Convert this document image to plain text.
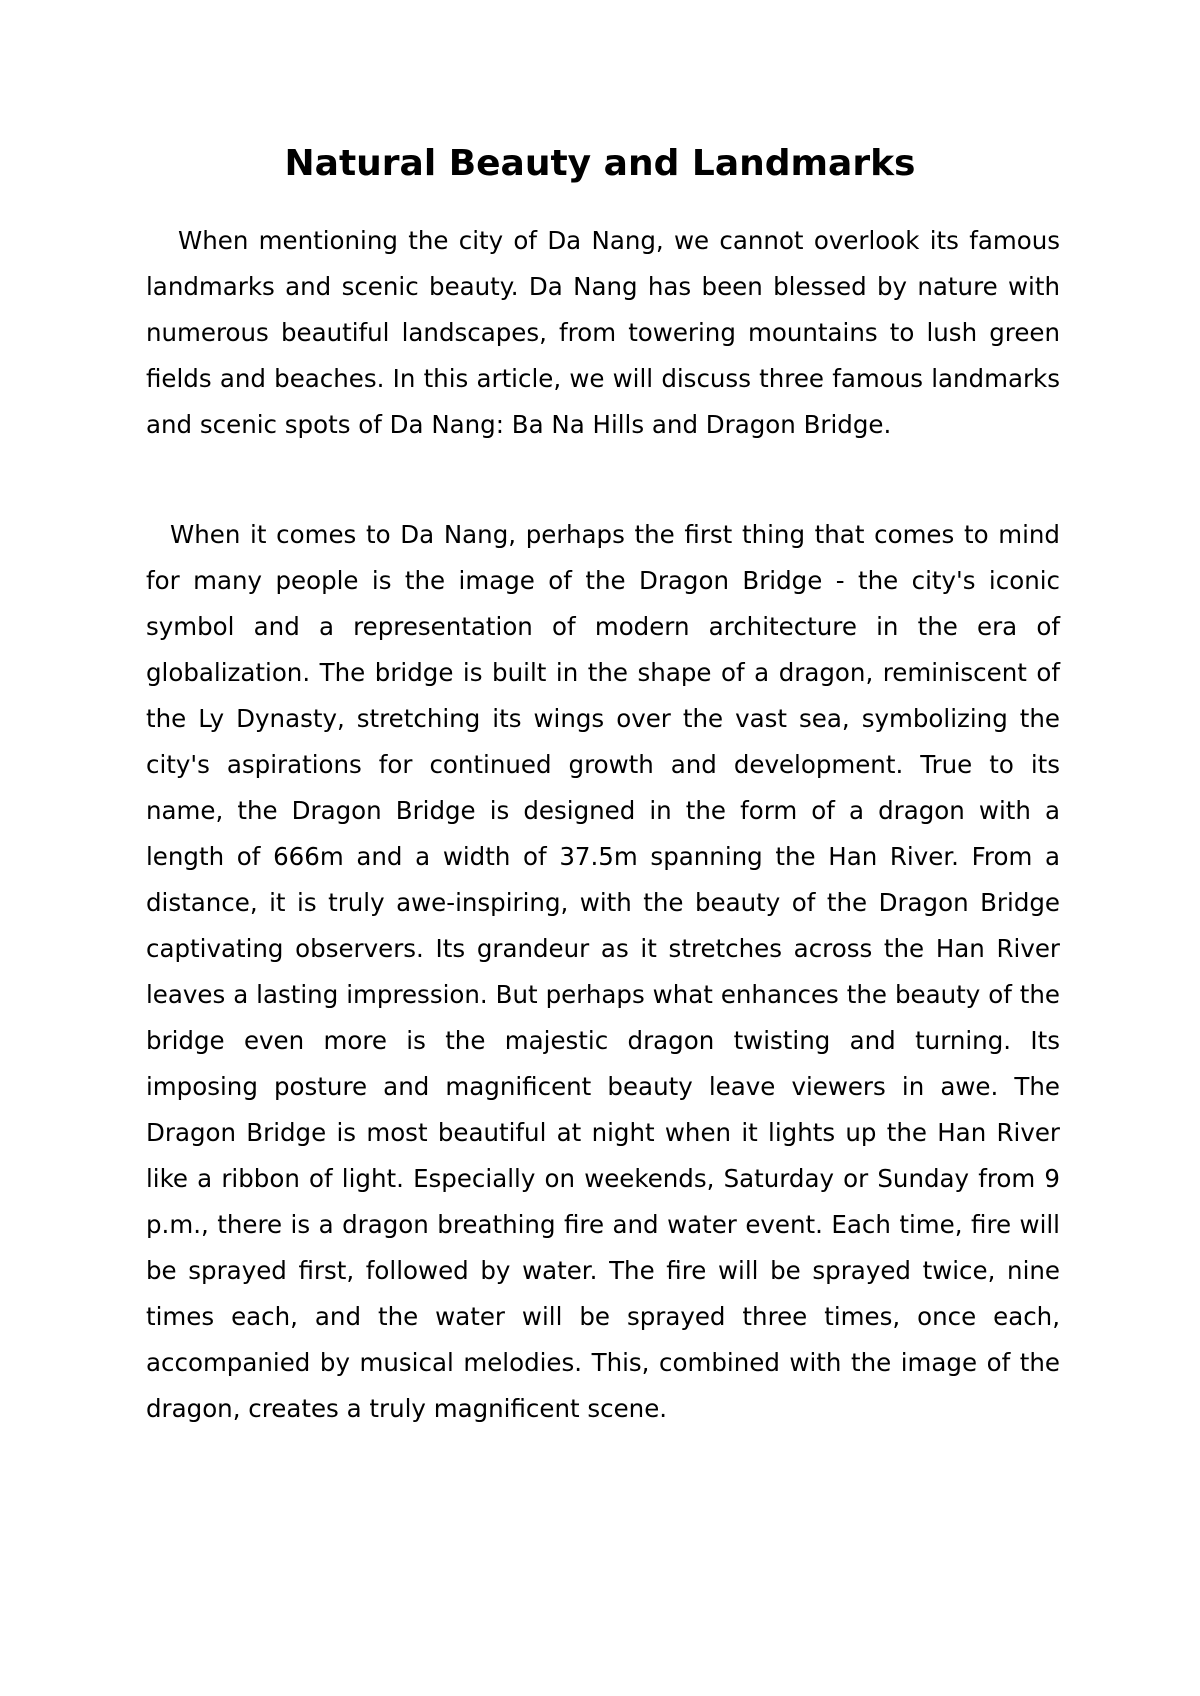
Natural Beauty and Landmarks

When mentioning the city of Da Nang, we cannot overlook its famous landmarks and scenic beauty. Da Nang has been blessed by nature with numerous beautiful landscapes, from towering mountains to lush green fields and beaches. In this article, we will discuss three famous landmarks and scenic spots of Da Nang: Ba Na Hills and Dragon Bridge.

When it comes to Da Nang, perhaps the first thing that comes to mind for many people is the image of the Dragon Bridge - the city's iconic symbol and a representation of modern architecture in the era of globalization. The bridge is built in the shape of a dragon, reminiscent of the Ly Dynasty, stretching its wings over the vast sea, symbolizing the city's aspirations for continued growth and development. True to its name, the Dragon Bridge is designed in the form of a dragon with a length of 666m and a width of 37.5m spanning the Han River. From a distance, it is truly awe-inspiring, with the beauty of the Dragon Bridge captivating observers. Its grandeur as it stretches across the Han River leaves a lasting impression. But perhaps what enhances the beauty of the bridge even more is the majestic dragon twisting and turning. Its imposing posture and magnificent beauty leave viewers in awe. The Dragon Bridge is most beautiful at night when it lights up the Han River like a ribbon of light. Especially on weekends, Saturday or Sunday from 9 p.m., there is a dragon breathing fire and water event. Each time, fire will be sprayed first, followed by water. The fire will be sprayed twice, nine times each, and the water will be sprayed three times, once each, accompanied by musical melodies. This, combined with the image of the dragon, creates a truly magnificent scene.
